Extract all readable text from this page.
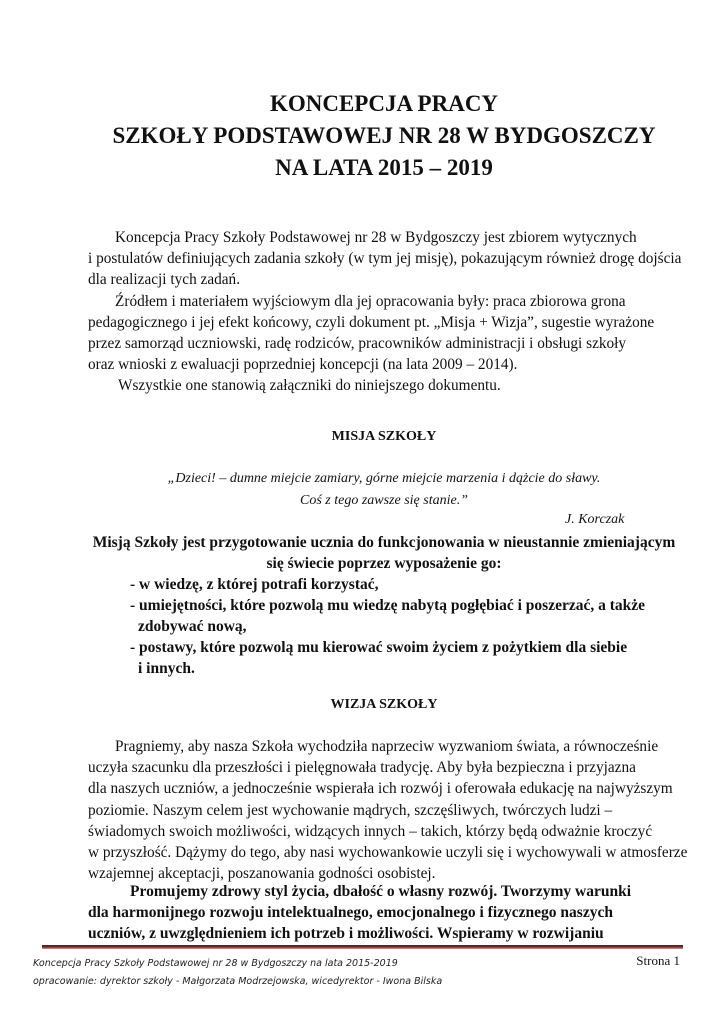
KONCEPCJA PRACY
SZKOŁY PODSTAWOWEJ NR 28 W BYDGOSZCZY
NA LATA 2015 – 2019
Koncepcja Pracy Szkoły Podstawowej nr 28 w Bydgoszczy jest zbiorem wytycznych
i postulatów definiujących zadania szkoły (w tym jej misję), pokazującym również drogę dojścia
dla realizacji tych zadań.
Źródłem i materiałem wyjściowym dla jej opracowania były: praca zbiorowa grona
pedagogicznego i jej efekt końcowy, czyli dokument pt. „Misja + Wizja”, sugestie wyrażone
przez samorząd uczniowski, radę rodziców, pracowników administracji i obsługi szkoły
oraz wnioski z ewaluacji poprzedniej koncepcji (na lata 2009 – 2014).
Wszystkie one stanowią załączniki do niniejszego dokumentu.
MISJA SZKOŁY
„Dzieci! – dumne miejcie zamiary, górne miejcie marzenia i dążcie do sławy.
Coś z tego zawsze się stanie.”
J. Korczak
Misją Szkoły jest przygotowanie ucznia do funkcjonowania w nieustannie zmieniającym
się świecie poprzez wyposażenie go:
- w wiedzę, z której potrafi korzystać,
- umiejętności, które pozwolą mu wiedzę nabytą pogłębiać i poszerzać, a także
zdobywać nową,
- postawy, które pozwolą mu kierować swoim życiem z pożytkiem dla siebie
i innych.
WIZJA SZKOŁY
Pragniemy, aby nasza Szkoła wychodziła naprzeciw wyzwaniom świata, a równocześnie
uczyła szacunku dla przeszłości i pielęgnowała tradycję. Aby była bezpieczna i przyjazna
dla naszych uczniów, a jednocześnie wspierała ich rozwój i oferowała edukację na najwyższym
poziomie. Naszym celem jest wychowanie mądrych, szczęśliwych, twórczych ludzi –
świadomych swoich możliwości, widzących innych – takich, którzy będą odważnie kroczyć
w przyszłość. Dążymy do tego, aby nasi wychowankowie uczyli się i wychowywali w atmosferze
wzajemnej akceptacji, poszanowania godności osobistej.
Promujemy zdrowy styl życia, dbałość o własny rozwój. Tworzymy warunki
dla harmonijnego rozwoju intelektualnego, emocjonalnego i fizycznego naszych
uczniów, z uwzględnieniem ich potrzeb i możliwości. Wspieramy w rozwijaniu
Koncepcja Pracy Szkoły Podstawowej nr 28 w Bydgoszczy na lata 2015-2019
opracowanie: dyrektor szkoły - Małgorzata Modrzejowska, wicedyrektor - Iwona Bilska
Strona 1
